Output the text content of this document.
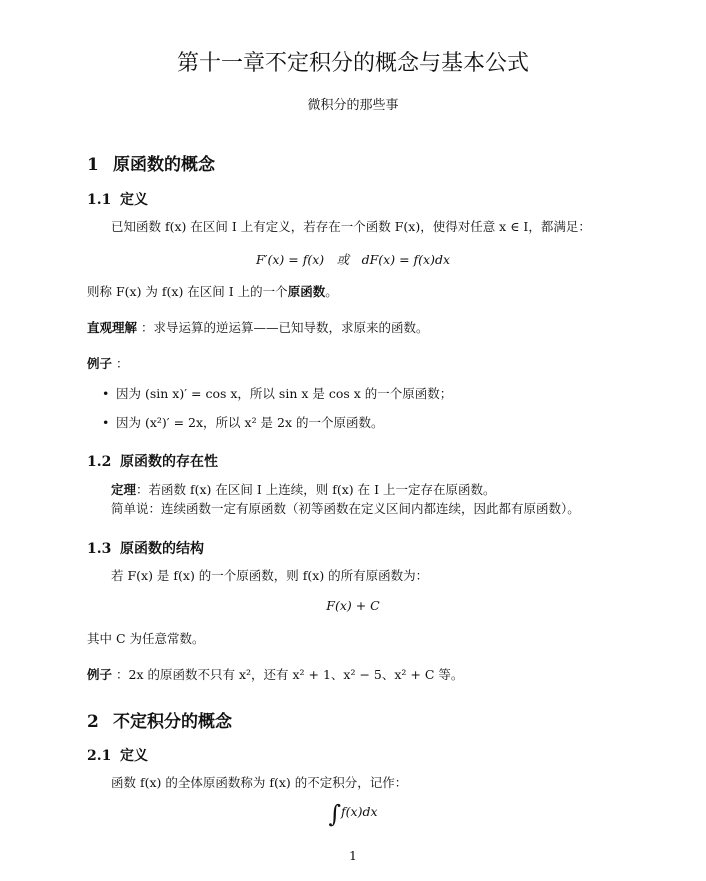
第十一章不定积分的概念与基本公式
微积分的那些事
1 原函数的概念
1.1 定义
已知函数 f(x) 在区间 I 上有定义，若存在一个函数 F(x)，使得对任意 x ∈ I，都满足：
F′(x) = f(x)　或　dF(x) = f(x)dx
则称 F(x) 为 f(x) 在区间 I 上的一个原函数。
直观理解 ：求导运算的逆运算——已知导数，求原来的函数。
例子 ：
• 因为 (sin x)′ = cos x，所以 sin x 是 cos x 的一个原函数；
• 因为 (x²)′ = 2x，所以 x² 是 2x 的一个原函数。
1.2 原函数的存在性
定理：若函数 f(x) 在区间 I 上连续，则 f(x) 在 I 上一定存在原函数。
简单说：连续函数一定有原函数（初等函数在定义区间内都连续，因此都有原函数）。
1.3 原函数的结构
若 F(x) 是 f(x) 的一个原函数，则 f(x) 的所有原函数为：
F(x) + C
其中 C 为任意常数。
例子 ：2x 的原函数不只有 x²，还有 x² + 1、x² − 5、x² + C 等。
2 不定积分的概念
2.1 定义
函数 f(x) 的全体原函数称为 f(x) 的不定积分，记作：
∫f(x)dx
1
